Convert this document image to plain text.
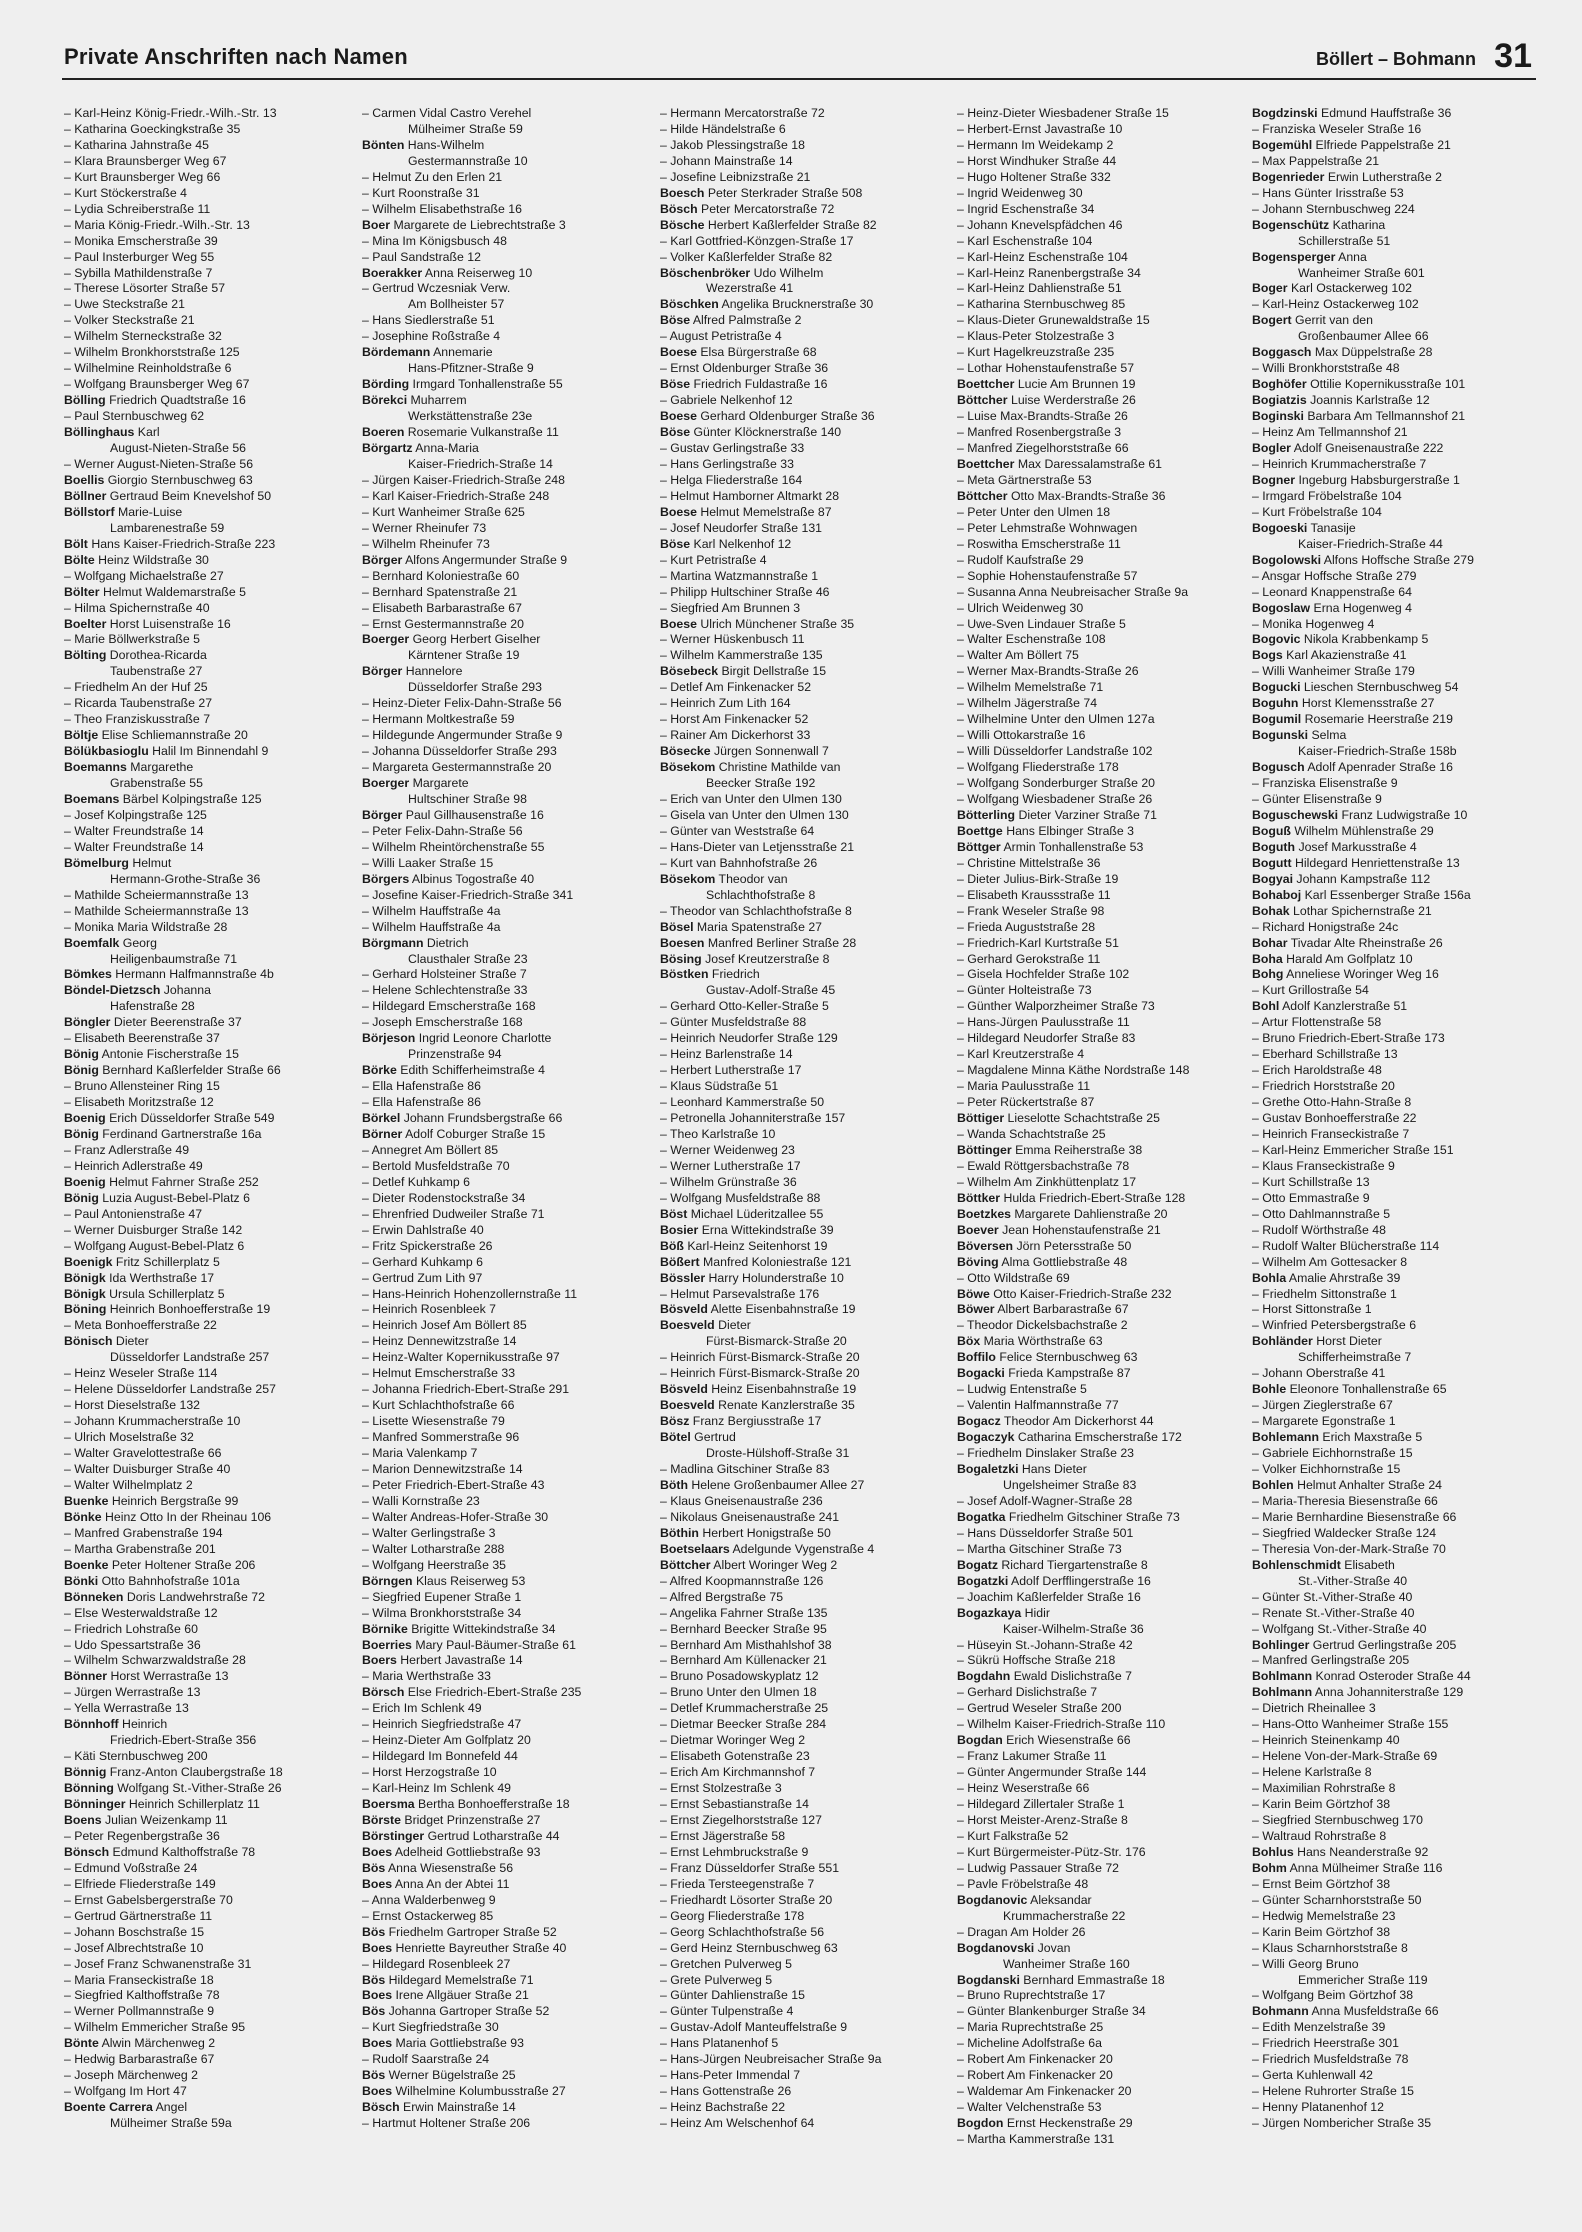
Private Anschriften nach Namen	Böllert – Bohmann 31

– Karl-Heinz König-Friedr.-Wilh.-Str. 13

– Katharina Goeckingkstraße 35

– Katharina Jahnstraße 45

– Klara Braunsberger Weg 67

– Kurt Braunsberger Weg 66

– Kurt Stöckerstraße 4

– Lydia Schreiberstraße 11

– Maria König-Friedr.-Wilh.-Str. 13

– Monika Emscherstraße 39

– Paul Insterburger Weg 55

– Sybilla Mathildenstraße 7

– Therese Lösorter Straße 57

– Uwe Steckstraße 21

– Volker Steckstraße 21

– Wilhelm Sterneckstraße 32

– Wilhelm Bronkhorststraße 125

– Wilhelmine Reinholdstraße 6

– Wolfgang Braunsberger Weg 67

Bölling Friedrich Quadtstraße 16

– Paul Sternbuschweg 62

Böllinghaus Karl

August-Nieten-Straße 56

– Werner August-Nieten-Straße 56

Boellis Giorgio Sternbuschweg 63

Böllner Gertraud Beim Knevelshof 50

Böllstorf Marie-Luise

Lambarenestraße 59

Bölt Hans Kaiser-Friedrich-Straße 223

Bölte Heinz Wildstraße 30

– Wolfgang Michaelstraße 27

Bölter Helmut Waldemarstraße 5

– Hilma Spichernstraße 40

Boelter Horst Luisenstraße 16

– Marie Böllwerkstraße 5

Bölting Dorothea-Ricarda

Taubenstraße 27

– Friedhelm An der Huf 25

– Ricarda Taubenstraße 27

– Theo Franziskusstraße 7

Böltje Elise Schliemannstraße 20

Bölükbasioglu Halil Im Binnendahl 9

Boemanns Margarethe

Grabenstraße 55

Boemans Bärbel Kolpingstraße 125

– Josef Kolpingstraße 125

– Walter Freundstraße 14

– Walter Freundstraße 14

Bömelburg Helmut

Hermann-Grothe-Straße 36

– Mathilde Scheiermannstraße 13

– Mathilde Scheiermannstraße 13

– Monika Maria Wildstraße 28

Boemfalk Georg

Heiligenbaumstraße 71

Bömkes Hermann Halfmannstraße 4b

Böndel-Dietzsch Johanna

Hafenstraße 28

Böngler Dieter Beerenstraße 37

– Elisabeth Beerenstraße 37

Bönig Antonie Fischerstraße 15

Bönig Bernhard Kaßlerfelder Straße 66

– Bruno Allensteiner Ring 15

– Elisabeth Moritzstraße 12

Boenig Erich Düsseldorfer Straße 549

Bönig Ferdinand Gartnerstraße 16a

– Franz Adlerstraße 49

– Heinrich Adlerstraße 49

Boenig Helmut Fahrner Straße 252

Bönig Luzia August-Bebel-Platz 6

– Paul Antonienstraße 47

– Werner Duisburger Straße 142

– Wolfgang August-Bebel-Platz 6

Boenigk Fritz Schillerplatz 5

Bönigk Ida Werthstraße 17

Bönigk Ursula Schillerplatz 5

Böning Heinrich Bonhoefferstraße 19

– Meta Bonhoefferstraße 22

Bönisch Dieter

Düsseldorfer Landstraße 257

– Heinz Weseler Straße 114

– Helene Düsseldorfer Landstraße 257

– Horst Dieselstraße 132

– Johann Krummacherstraße 10

– Ulrich Moselstraße 32

– Walter Gravelottestraße 66

– Walter Duisburger Straße 40

– Walter Wilhelmplatz 2

Buenke Heinrich Bergstraße 99

Bönke Heinz Otto In der Rheinau 106

– Manfred Grabenstraße 194

– Martha Grabenstraße 201

Boenke Peter Holtener Straße 206

Bönki Otto Bahnhofstraße 101a

Bönneken Doris Landwehrstraße 72

– Else Westerwaldstraße 12

– Friedrich Lohstraße 60

– Udo Spessartstraße 36

– Wilhelm Schwarzwaldstraße 28

Bönner Horst Werrastraße 13

– Jürgen Werrastraße 13

– Yella Werrastraße 13

Bönnhoff Heinrich

Friedrich-Ebert-Straße 356

– Käti Sternbuschweg 200

Bönnig Franz-Anton Claubergstraße 18

Bönning Wolfgang St.-Vither-Straße 26

Bönninger Heinrich Schillerplatz 11

Boens Julian Weizenkamp 11

– Peter Regenbergstraße 36

Bönsch Edmund Kalthoffstraße 78

– Edmund Voßstraße 24

– Elfriede Fliederstraße 149

– Ernst Gabelsbergerstraße 70

– Gertrud Gärtnerstraße 11

– Johann Boschstraße 15

– Josef Albrechtstraße 10

– Josef Franz Schwanenstraße 31

– Maria Franseckistraße 18

– Siegfried Kalthoffstraße 78

– Werner Pollmannstraße 9

– Wilhelm Emmericher Straße 95

Bönte Alwin Märchenweg 2

– Hedwig Barbarastraße 67

– Joseph Märchenweg 2

– Wolfgang Im Hort 47

Boente Carrera Angel

Mülheimer Straße 59a

– Carmen Vidal Castro Verehel

Mülheimer Straße 59

Bönten Hans-Wilhelm

Gestermannstraße 10

– Helmut Zu den Erlen 21

– Kurt Roonstraße 31

– Wilhelm Elisabethstraße 16

Boer Margarete de Liebrechtstraße 3

– Mina Im Königsbusch 48

– Paul Sandstraße 12

Boerakker Anna Reiserweg 10

– Gertrud Wczesniak Verw.

Am Bollheister 57

– Hans Siedlerstraße 51

– Josephine Roßstraße 4

Bördemann Annemarie

Hans-Pfitzner-Straße 9

Börding Irmgard Tonhallenstraße 55

Börekci Muharrem

Werkstättenstraße 23e

Boeren Rosemarie Vulkanstraße 11

Börgartz Anna-Maria

Kaiser-Friedrich-Straße 14

– Jürgen Kaiser-Friedrich-Straße 248

– Karl Kaiser-Friedrich-Straße 248

– Kurt Wanheimer Straße 625

– Werner Rheinufer 73

– Wilhelm Rheinufer 73

Börger Alfons Angermunder Straße 9

– Bernhard Koloniestraße 60

– Bernhard Spatenstraße 21

– Elisabeth Barbarastraße 67

– Ernst Gestermannstraße 20

Boerger Georg Herbert Giselher

Kärntener Straße 19

Börger Hannelore

Düsseldorfer Straße 293

– Heinz-Dieter Felix-Dahn-Straße 56

– Hermann Moltkestraße 59

– Hildegunde Angermunder Straße 9

– Johanna Düsseldorfer Straße 293

– Margareta Gestermannstraße 20

Boerger Margarete

Hultschiner Straße 98

Börger Paul Gillhausenstraße 16

– Peter Felix-Dahn-Straße 56

– Wilhelm Rheintörchenstraße 55

– Willi Laaker Straße 15

Börgers Albinus Togostraße 40

– Josefine Kaiser-Friedrich-Straße 341

– Wilhelm Hauffstraße 4a

– Wilhelm Hauffstraße 4a

Börgmann Dietrich

Clausthaler Straße 23

– Gerhard Holsteiner Straße 7

– Helene Schlechtenstraße 33

– Hildegard Emscherstraße 168

– Joseph Emscherstraße 168

Börjeson Ingrid Leonore Charlotte

Prinzenstraße 94

Börke Edith Schifferheimstraße 4

– Ella Hafenstraße 86

– Ella Hafenstraße 86

Börkel Johann Frundsbergstraße 66

Börner Adolf Coburger Straße 15

– Annegret Am Böllert 85

– Bertold Musfeldstraße 70

– Detlef Kuhkamp 6

– Dieter Rodenstockstraße 34

– Ehrenfried Dudweiler Straße 71

– Erwin Dahlstraße 40

– Fritz Spickerstraße 26

– Gerhard Kuhkamp 6

– Gertrud Zum Lith 97

– Hans-Heinrich Hohenzollernstraße 11

– Heinrich Rosenbleek 7

– Heinrich Josef Am Böllert 85

– Heinz Dennewitzstraße 14

– Heinz-Walter Kopernikusstraße 97

– Helmut Emscherstraße 33

– Johanna Friedrich-Ebert-Straße 291

– Kurt Schlachthofstraße 66

– Lisette Wiesenstraße 79

– Manfred Sommerstraße 96

– Maria Valenkamp 7

– Marion Dennewitzstraße 14

– Peter Friedrich-Ebert-Straße 43

– Walli Kornstraße 23

– Walter Andreas-Hofer-Straße 30

– Walter Gerlingstraße 3

– Walter Lotharstraße 288

– Wolfgang Heerstraße 35

Börngen Klaus Reiserweg 53

– Siegfried Eupener Straße 1

– Wilma Bronkhorststraße 34

Börnike Brigitte Wittekindstraße 34

Boerries Mary Paul-Bäumer-Straße 61

Boers Herbert Javastraße 14

– Maria Werthstraße 33

Börsch Else Friedrich-Ebert-Straße 235

– Erich Im Schlenk 49

– Heinrich Siegfriedstraße 47

– Heinz-Dieter Am Golfplatz 20

– Hildegard Im Bonnefeld 44

– Horst Herzogstraße 10

– Karl-Heinz Im Schlenk 49

Boersma Bertha Bonhoefferstraße 18

Börste Bridget Prinzenstraße 27

Börstinger Gertrud Lotharstraße 44

Boes Adelheid Gottliebstraße 93

Bös Anna Wiesenstraße 56

Boes Anna An der Abtei 11

– Anna Walderbenweg 9

– Ernst Ostackerweg 85

Bös Friedhelm Gartroper Straße 52

Boes Henriette Bayreuther Straße 40

– Hildegard Rosenbleek 27

Bös Hildegard Memelstraße 71

Boes Irene Allgäuer Straße 21

Bös Johanna Gartroper Straße 52

– Kurt Siegfriedstraße 30

Boes Maria Gottliebstraße 93

– Rudolf Saarstraße 24

Bös Werner Bügelstraße 25

Boes Wilhelmine Kolumbusstraße 27

Bösch Erwin Mainstraße 14

– Hartmut Holtener Straße 206

– Hermann Mercatorstraße 72

– Hilde Händelstraße 6

– Jakob Plessingstraße 18

– Johann Mainstraße 14

– Josefine Leibnizstraße 21

Boesch Peter Sterkrader Straße 508

Bösch Peter Mercatorstraße 72

Bösche Herbert Kaßlerfelder Straße 82

– Karl Gottfried-Könzgen-Straße 17

– Volker Kaßlerfelder Straße 82

Böschenbröker Udo Wilhelm

Wezerstraße 41

Böschken Angelika Brucknerstraße 30

Böse Alfred Palmstraße 2

– August Petristraße 4

Boese Elsa Bürgerstraße 68

– Ernst Oldenburger Straße 36

Böse Friedrich Fuldastraße 16

– Gabriele Nelkenhof 12

Boese Gerhard Oldenburger Straße 36

Böse Günter Klöcknerstraße 140

– Gustav Gerlingstraße 33

– Hans Gerlingstraße 33

– Helga Fliederstraße 164

– Helmut Hamborner Altmarkt 28

Boese Helmut Memelstraße 87

– Josef Neudorfer Straße 131

Böse Karl Nelkenhof 12

– Kurt Petristraße 4

– Martina Watzmannstraße 1

– Philipp Hultschiner Straße 46

– Siegfried Am Brunnen 3

Boese Ulrich Münchener Straße 35

– Werner Hüskenbusch 11

– Wilhelm Kammerstraße 135

Bösebeck Birgit Dellstraße 15

– Detlef Am Finkenacker 52

– Heinrich Zum Lith 164

– Horst Am Finkenacker 52

– Rainer Am Dickerhorst 33

Bösecke Jürgen Sonnenwall 7

Bösekom Christine Mathilde van

Beecker Straße 192

– Erich van Unter den Ulmen 130

– Gisela van Unter den Ulmen 130

– Günter van Weststraße 64

– Hans-Dieter van Letjensstraße 21

– Kurt van Bahnhofstraße 26

Bösekom Theodor van

Schlachthofstraße 8

– Theodor van Schlachthofstraße 8

Bösel Maria Spatenstraße 27

Boesen Manfred Berliner Straße 28

Bösing Josef Kreutzerstraße 8

Böstken Friedrich

Gustav-Adolf-Straße 45

– Gerhard Otto-Keller-Straße 5

– Günter Musfeldstraße 88

– Heinrich Neudorfer Straße 129

– Heinz Barlenstraße 14

– Herbert Lutherstraße 17

– Klaus Südstraße 51

– Leonhard Kammerstraße 50

– Petronella Johanniterstraße 157

– Theo Karlstraße 10

– Werner Weidenweg 23

– Werner Lutherstraße 17

– Wilhelm Grünstraße 36

– Wolfgang Musfeldstraße 88

Böst Michael Lüderitzallee 55

Bosier Erna Wittekindstraße 39

Böß Karl-Heinz Seitenhorst 19

Bößert Manfred Koloniestraße 121

Bössler Harry Holunderstraße 10

– Helmut Parsevalstraße 176

Bösveld Alette Eisenbahnstraße 19

Boesveld Dieter

Fürst-Bismarck-Straße 20

– Heinrich Fürst-Bismarck-Straße 20

– Heinrich Fürst-Bismarck-Straße 20

Bösveld Heinz Eisenbahnstraße 19

Boesveld Renate Kanzlerstraße 35

Bösz Franz Bergiusstraße 17

Bötel Gertrud

Droste-Hülshoff-Straße 31

– Madlina Gitschiner Straße 83

Böth Helene Großenbaumer Allee 27

– Klaus Gneisenaustraße 236

– Nikolaus Gneisenaustraße 241

Böthin Herbert Honigstraße 50

Boetselaars Adelgunde Vygenstraße 4

Böttcher Albert Woringer Weg 2

– Alfred Koopmannstraße 126

– Alfred Bergstraße 75

– Angelika Fahrner Straße 135

– Bernhard Beecker Straße 95

– Bernhard Am Misthahlshof 38

– Bernhard Am Küllenacker 21

– Bruno Posadowskyplatz 12

– Bruno Unter den Ulmen 18

– Detlef Krummacherstraße 25

– Dietmar Beecker Straße 284

– Dietmar Woringer Weg 2

– Elisabeth Gotenstraße 23

– Erich Am Kirchmannshof 7

– Ernst Stolzestraße 3

– Ernst Sebastianstraße 14

– Ernst Ziegelhorststraße 127

– Ernst Jägerstraße 58

– Ernst Lehmbruckstraße 9

– Franz Düsseldorfer Straße 551

– Frieda Tersteegenstraße 7

– Friedhardt Lösorter Straße 20

– Georg Fliederstraße 178

– Georg Schlachthofstraße 56

– Gerd Heinz Sternbuschweg 63

– Gretchen Pulverweg 5

– Grete Pulverweg 5

– Günter Dahlienstraße 15

– Günter Tulpenstraße 4

– Gustav-Adolf Manteuffelstraße 9

– Hans Platanenhof 5

– Hans-Jürgen Neubreisacher Straße 9a

– Hans-Peter Immendal 7

– Hans Gottenstraße 26

– Heinz Bachstraße 22

– Heinz Am Welschenhof 64

– Heinz-Dieter Wiesbadener Straße 15

– Herbert-Ernst Javastraße 10

– Hermann Im Weidekamp 2

– Horst Windhuker Straße 44

– Hugo Holtener Straße 332

– Ingrid Weidenweg 30

– Ingrid Eschenstraße 34

– Johann Knevelspfädchen 46

– Karl Eschenstraße 104

– Karl-Heinz Eschenstraße 104

– Karl-Heinz Ranenbergstraße 34

– Karl-Heinz Dahlienstraße 51

– Katharina Sternbuschweg 85

– Klaus-Dieter Grunewaldstraße 15

– Klaus-Peter Stolzestraße 3

– Kurt Hagelkreuzstraße 235

– Lothar Hohenstaufenstraße 57

Boettcher Lucie Am Brunnen 19

Böttcher Luise Werderstraße 26

– Luise Max-Brandts-Straße 26

– Manfred Rosenbergstraße 3

– Manfred Ziegelhorststraße 66

Boettcher Max Daressalamstraße 61

– Meta Gärtnerstraße 53

Böttcher Otto Max-Brandts-Straße 36

– Peter Unter den Ulmen 18

– Peter Lehmstraße Wohnwagen

– Roswitha Emscherstraße 11

– Rudolf Kaufstraße 29

– Sophie Hohenstaufenstraße 57

– Susanna Anna Neubreisacher Straße 9a

– Ulrich Weidenweg 30

– Uwe-Sven Lindauer Straße 5

– Walter Eschenstraße 108

– Walter Am Böllert 75

– Werner Max-Brandts-Straße 26

– Wilhelm Memelstraße 71

– Wilhelm Jägerstraße 74

– Wilhelmine Unter den Ulmen 127a

– Willi Ottokarstraße 16

– Willi Düsseldorfer Landstraße 102

– Wolfgang Fliederstraße 178

– Wolfgang Sonderburger Straße 20

– Wolfgang Wiesbadener Straße 26

Bötterling Dieter Varziner Straße 71

Boettge Hans Elbinger Straße 3

Böttger Armin Tonhallenstraße 53

– Christine Mittelstraße 36

– Dieter Julius-Birk-Straße 19

– Elisabeth Kraussstraße 11

– Frank Weseler Straße 98

– Frieda Auguststraße 28

– Friedrich-Karl Kurtstraße 51

– Gerhard Gerokstraße 11

– Gisela Hochfelder Straße 102

– Günter Holteistraße 73

– Günther Walporzheimer Straße 73

– Hans-Jürgen Paulusstraße 11

– Hildegard Neudorfer Straße 83

– Karl Kreutzerstraße 4

– Magdalene Minna Käthe Nordstraße 148

– Maria Paulusstraße 11

– Peter Rückertstraße 87

Böttiger Lieselotte Schachtstraße 25

– Wanda Schachtstraße 25

Böttinger Emma Reiherstraße 38

– Ewald Röttgersbachstraße 78

– Wilhelm Am Zinkhüttenplatz 17

Böttker Hulda Friedrich-Ebert-Straße 128

Boetzkes Margarete Dahlienstraße 20

Boever Jean Hohenstaufenstraße 21

Böversen Jörn Petersstraße 50

Böving Alma Gottliebstraße 48

– Otto Wildstraße 69

Böwe Otto Kaiser-Friedrich-Straße 232

Böwer Albert Barbarastraße 67

– Theodor Dickelsbachstraße 2

Böx Maria Wörthstraße 63

Boffilo Felice Sternbuschweg 63

Bogacki Frieda Kampstraße 87

– Ludwig Entenstraße 5

– Valentin Halfmannstraße 77

Bogacz Theodor Am Dickerhorst 44

Bogaczyk Catharina Emscherstraße 172

– Friedhelm Dinslaker Straße 23

Bogaletzki Hans Dieter

Ungelsheimer Straße 83

– Josef Adolf-Wagner-Straße 28

Bogatka Friedhelm Gitschiner Straße 73

– Hans Düsseldorfer Straße 501

– Martha Gitschiner Straße 73

Bogatz Richard Tiergartenstraße 8

Bogatzki Adolf Derfflingerstraße 16

– Joachim Kaßlerfelder Straße 16

Bogazkaya Hidir

Kaiser-Wilhelm-Straße 36

– Hüseyin St.-Johann-Straße 42

– Sükrü Hoffsche Straße 218

Bogdahn Ewald Dislichstraße 7

– Gerhard Dislichstraße 7

– Gertrud Weseler Straße 200

– Wilhelm Kaiser-Friedrich-Straße 110

Bogdan Erich Wiesenstraße 66

– Franz Lakumer Straße 11

– Günter Angermunder Straße 144

– Heinz Weserstraße 66

– Hildegard Zillertaler Straße 1

– Horst Meister-Arenz-Straße 8

– Kurt Falkstraße 52

– Kurt Bürgermeister-Pütz-Str. 176

– Ludwig Passauer Straße 72

– Pavle Fröbelstraße 48

Bogdanovic Aleksandar

Krummacherstraße 22

– Dragan Am Holder 26

Bogdanovski Jovan

Wanheimer Straße 160

Bogdanski Bernhard Emmastraße 18

– Bruno Ruprechtstraße 17

– Günter Blankenburger Straße 34

– Maria Ruprechtstraße 25

– Micheline Adolfstraße 6a

– Robert Am Finkenacker 20

– Robert Am Finkenacker 20

– Waldemar Am Finkenacker 20

– Walter Velchenstraße 53

Bogdon Ernst Heckenstraße 29

– Martha Kammerstraße 131

Bogdzinski Edmund Hauffstraße 36

– Franziska Weseler Straße 16

Bogemühl Elfriede Pappelstraße 21

– Max Pappelstraße 21

Bogenrieder Erwin Lutherstraße 2

– Hans Günter Irisstraße 53

– Johann Sternbuschweg 224

Bogenschütz Katharina

Schillerstraße 51

Bogensperger Anna

Wanheimer Straße 601

Boger Karl Ostackerweg 102

– Karl-Heinz Ostackerweg 102

Bogert Gerrit van den

Großenbaumer Allee 66

Boggasch Max Düppelstraße 28

– Willi Bronkhorststraße 48

Boghöfer Ottilie Kopernikusstraße 101

Bogiatzis Joannis Karlstraße 12

Boginski Barbara Am Tellmannshof 21

– Heinz Am Tellmannshof 21

Bogler Adolf Gneisenaustraße 222

– Heinrich Krummacherstraße 7

Bogner Ingeburg Habsburgerstraße 1

– Irmgard Fröbelstraße 104

– Kurt Fröbelstraße 104

Bogoeski Tanasije

Kaiser-Friedrich-Straße 44

Bogolowski Alfons Hoffsche Straße 279

– Ansgar Hoffsche Straße 279

– Leonard Knappenstraße 64

Bogoslaw Erna Hogenweg 4

– Monika Hogenweg 4

Bogovic Nikola Krabbenkamp 5

Bogs Karl Akazienstraße 41

– Willi Wanheimer Straße 179

Bogucki Lieschen Sternbuschweg 54

Boguhn Horst Klemensstraße 27

Bogumil Rosemarie Heerstraße 219

Bogunski Selma

Kaiser-Friedrich-Straße 158b

Bogusch Adolf Apenrader Straße 16

– Franziska Elisenstraße 9

– Günter Elisenstraße 9

Boguschewski Franz Ludwigstraße 10

Boguß Wilhelm Mühlenstraße 29

Boguth Josef Markusstraße 4

Bogutt Hildegard Henriettenstraße 13

Bogyai Johann Kampstraße 112

Bohaboj Karl Essenberger Straße 156a

Bohak Lothar Spichernstraße 21

– Richard Honigstraße 24c

Bohar Tivadar Alte Rheinstraße 26

Boha Harald Am Golfplatz 10

Bohg Anneliese Woringer Weg 16

– Kurt Grillostraße 54

Bohl Adolf Kanzlerstraße 51

– Artur Flottenstraße 58

– Bruno Friedrich-Ebert-Straße 173

– Eberhard Schillstraße 13

– Erich Haroldstraße 48

– Friedrich Horststraße 20

– Grethe Otto-Hahn-Straße 8

– Gustav Bonhoefferstraße 22

– Heinrich Franseckistraße 7

– Karl-Heinz Emmericher Straße 151

– Klaus Franseckistraße 9

– Kurt Schillstraße 13

– Otto Emmastraße 9

– Otto Dahlmannstraße 5

– Rudolf Wörthstraße 48

– Rudolf Walter Blücherstraße 114

– Wilhelm Am Gottesacker 8

Bohla Amalie Ahrstraße 39

– Friedhelm Sittonstraße 1

– Horst Sittonstraße 1

– Winfried Petersbergstraße 6

Bohländer Horst Dieter

Schifferheimstraße 7

– Johann Oberstraße 41

Bohle Eleonore Tonhallenstraße 65

– Jürgen Zieglerstraße 67

– Margarete Egonstraße 1

Bohlemann Erich Maxstraße 5

– Gabriele Eichhornstraße 15

– Volker Eichhornstraße 15

Bohlen Helmut Anhalter Straße 24

– Maria-Theresia Biesenstraße 66

– Marie Bernhardine Biesenstraße 66

– Siegfried Waldecker Straße 124

– Theresia Von-der-Mark-Straße 70

Bohlenschmidt Elisabeth

St.-Vither-Straße 40

– Günter St.-Vither-Straße 40

– Renate St.-Vither-Straße 40

– Wolfgang St.-Vither-Straße 40

Bohlinger Gertrud Gerlingstraße 205

– Manfred Gerlingstraße 205

Bohlmann Konrad Osteroder Straße 44

Bohlmann Anna Johanniterstraße 129

– Dietrich Rheinallee 3

– Hans-Otto Wanheimer Straße 155

– Heinrich Steinenkamp 40

– Helene Von-der-Mark-Straße 69

– Helene Karlstraße 8

– Maximilian Rohrstraße 8

– Karin Beim Görtzhof 38

– Siegfried Sternbuschweg 170

– Waltraud Rohrstraße 8

Bohlus Hans Neanderstraße 92

Bohm Anna Mülheimer Straße 116

– Ernst Beim Görtzhof 38

– Günter Scharnhorststraße 50

– Hedwig Memelstraße 23

– Karin Beim Görtzhof 38

– Klaus Scharnhorststraße 8

– Willi Georg Bruno

Emmericher Straße 119

– Wolfgang Beim Görtzhof 38

Bohmann Anna Musfeldstraße 66

– Edith Menzelstraße 39

– Friedrich Heerstraße 301

– Friedrich Musfeldstraße 78

– Gerta Kuhlenwall 42

– Helene Ruhrorter Straße 15

– Henny Platanenhof 12

– Jürgen Nombericher Straße 35
